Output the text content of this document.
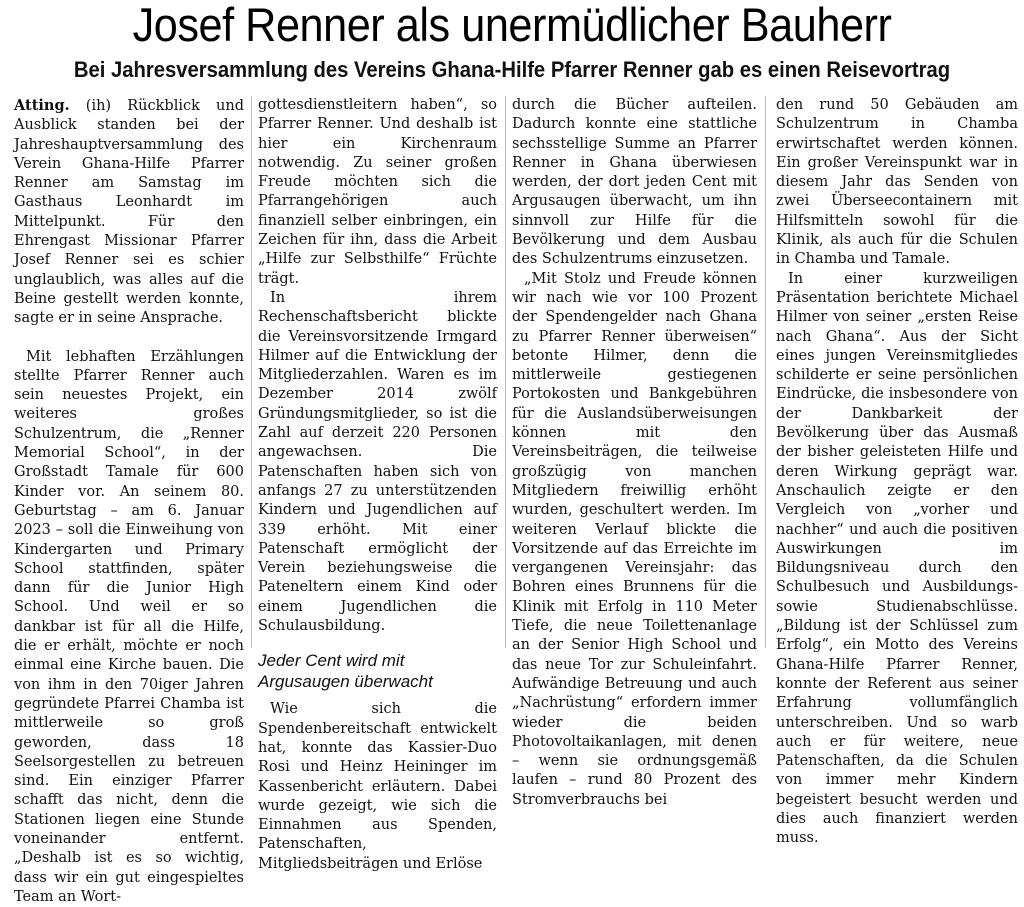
Josef Renner als unermüdlicher Bauherr
Bei Jahresversammlung des Vereins Ghana-Hilfe Pfarrer Renner gab es einen Reisevortrag

Atting. (ih) Rückblick und Ausblick standen bei der Jahreshauptversammlung des Verein Ghana-Hilfe Pfarrer Renner am Samstag im Gasthaus Leonhardt im Mittelpunkt. Für den Ehrengast Missionar Pfarrer Josef Renner sei es schier unglaublich, was alles auf die Beine gestellt werden konnte, sagte er in seine Ansprache.

Mit lebhaften Erzählungen stellte Pfarrer Renner auch sein neuestes Projekt, ein weiteres großes Schulzentrum, die „Renner Memorial School“, in der Großstadt Tamale für 600 Kinder vor. An seinem 80. Geburtstag – am 6. Januar 2023 – soll die Einweihung von Kindergarten und Primary School stattfinden, später dann für die Junior High School. Und weil er so dankbar ist für all die Hilfe, die er erhält, möchte er noch einmal eine Kirche bauen. Die von ihm in den 70iger Jahren gegründete Pfarrei Chamba ist mittlerweile so groß geworden, dass 18 Seelsorgestellen zu betreuen sind. Ein einziger Pfarrer schafft das nicht, denn die Stationen liegen eine Stunde voneinander entfernt. „Deshalb ist es so wichtig, dass wir ein gut eingespieltes Team an Wort-

gottesdienstleitern haben“, so Pfarrer Renner. Und deshalb ist hier ein Kirchenraum notwendig. Zu seiner großen Freude möchten sich die Pfarrangehörigen auch finanziell selber einbringen, ein Zeichen für ihn, dass die Arbeit „Hilfe zur Selbsthilfe“ Früchte trägt.

In ihrem Rechenschaftsbericht blickte die Vereinsvorsitzende Irmgard Hilmer auf die Entwicklung der Mitgliederzahlen. Waren es im Dezember 2014 zwölf Gründungsmitglieder, so ist die Zahl auf derzeit 220 Personen angewachsen. Die Patenschaften haben sich von anfangs 27 zu unterstützenden Kindern und Jugendlichen auf 339 erhöht. Mit einer Patenschaft ermöglicht der Verein beziehungsweise die Pateneltern einem Kind oder einem Jugendlichen die Schulausbildung.

Jeder Cent wird mit Argusaugen überwacht

Wie sich die Spendenbereitschaft entwickelt hat, konnte das Kassier-Duo Rosi und Heinz Heininger im Kassenbericht erläutern. Dabei wurde gezeigt, wie sich die Einnahmen aus Spenden, Patenschaften, Mitgliedsbeiträgen und Erlöse

durch die Bücher aufteilen. Dadurch konnte eine stattliche sechsstellige Summe an Pfarrer Renner in Ghana überwiesen werden, der dort jeden Cent mit Argusaugen überwacht, um ihn sinnvoll zur Hilfe für die Bevölkerung und dem Ausbau des Schulzentrums einzusetzen.

„Mit Stolz und Freude können wir nach wie vor 100 Prozent der Spendengelder nach Ghana zu Pfarrer Renner überweisen“ betonte Hilmer, denn die mittlerweile gestiegenen Portokosten und Bankgebühren für die Auslandsüberweisungen können mit den Vereinsbeiträgen, die teilweise großzügig von manchen Mitgliedern freiwillig erhöht wurden, geschultert werden. Im weiteren Verlauf blickte die Vorsitzende auf das Erreichte im vergangenen Vereinsjahr: das Bohren eines Brunnens für die Klinik mit Erfolg in 110 Meter Tiefe, die neue Toilettenanlage an der Senior High School und das neue Tor zur Schuleinfahrt. Aufwändige Betreuung und auch „Nachrüstung“ erfordern immer wieder die beiden Photovoltaikanlagen, mit denen – wenn sie ordnungsgemäß laufen – rund 80 Prozent des Stromverbrauchs bei

den rund 50 Gebäuden am Schulzentrum in Chamba erwirtschaftet werden können. Ein großer Vereinspunkt war in diesem Jahr das Senden von zwei Überseecontainern mit Hilfsmitteln sowohl für die Klinik, als auch für die Schulen in Chamba und Tamale.

In einer kurzweiligen Präsentation berichtete Michael Hilmer von seiner „ersten Reise nach Ghana“. Aus der Sicht eines jungen Vereinsmitgliedes schilderte er seine persönlichen Eindrücke, die insbesondere von der Dankbarkeit der Bevölkerung über das Ausmaß der bisher geleisteten Hilfe und deren Wirkung geprägt war. Anschaulich zeigte er den Vergleich von „vorher und nachher“ und auch die positiven Auswirkungen im Bildungsniveau durch den Schulbesuch und Ausbildungs- sowie Studienabschlüsse. „Bildung ist der Schlüssel zum Erfolg“, ein Motto des Vereins Ghana-Hilfe Pfarrer Renner, konnte der Referent aus seiner Erfahrung vollumfänglich unterschreiben. Und so warb auch er für weitere, neue Patenschaften, da die Schulen von immer mehr Kindern begeistert besucht werden und dies auch finanziert werden muss.
